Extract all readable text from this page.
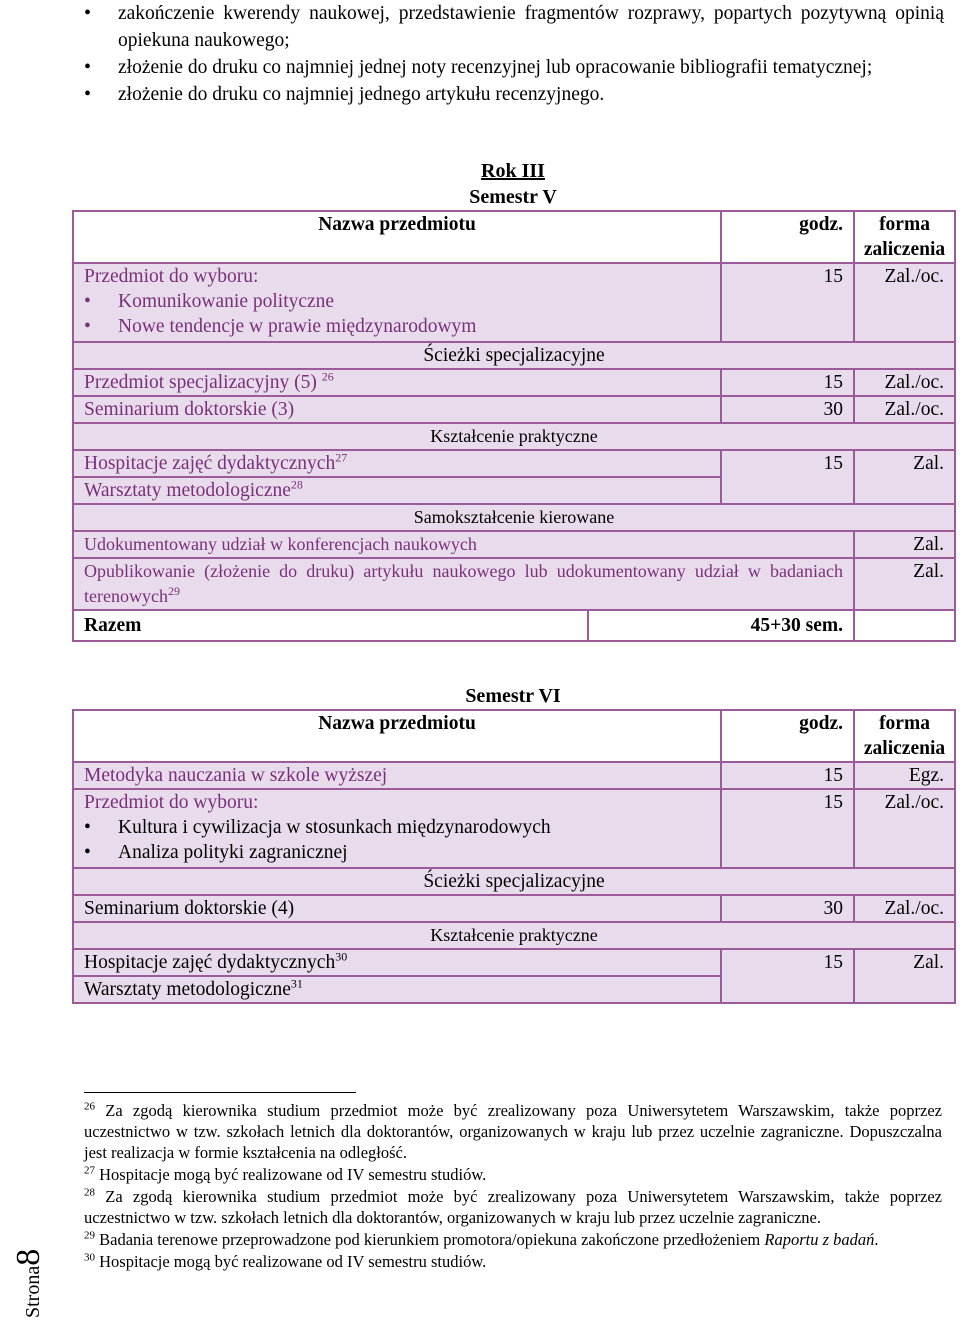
• zakończenie kwerendy naukowej, przedstawienie fragmentów rozprawy, popartych pozytywną opinią opiekuna naukowego;
• złożenie do druku co najmniej jednej noty recenzyjnej lub opracowanie bibliografii tematycznej;
• złożenie do druku co najmniej jednego artykułu recenzyjnego.
Rok III
Semestr V
Nazwa przedmiotu		godz.	forma zaliczenia

Przedmiot do wyboru:
• Komunikowanie polityczne
• Nowe tendencje w prawie międzynarodowym		15	Zal./oc.
Ścieżki specjalizacyjne			
Przedmiot specjalizacyjny (5) $^{26}$		15	Zal./oc.
Seminarium doktorskie (3)		30	Zal./oc.
Kształcenie praktyczne			
Hospitacje zajęć dydaktycznych$^{27}$		15	Zal.
Warsztaty metodologiczne$^{28}$
Samokształcenie kierowane			
Udokumentowany udział w konferencjach naukowych			Zal.
Opublikowanie (złożenie do druku) artykułu naukowego lub udokumentowany udział w badaniach terenowych$^{29}$			Zal.
Razem	45+30 sem.		
Semestr VI
Nazwa przedmiotu	godz.	forma zaliczenia
Metodyka nauczania w szkole wyższej	15	Egz.

Przedmiot do wyboru:
• Kultura i cywilizacja w stosunkach międzynarodowych
• Analiza polityki zagranicznej	15	Zal./oc.
Ścieżki specjalizacyjne		
Seminarium doktorskie (4)	30	Zal./oc.
Kształcenie praktyczne		
Hospitacje zajęć dydaktycznych$^{30}$	15	Zal.
Warsztaty metodologiczne$^{31}$

$^{26}$ Za zgodą kierownika studium przedmiot może być zrealizowany poza Uniwersytetem Warszawskim, także poprzez uczestnictwo w tzw. szkołach letnich dla doktorantów, organizowanych w kraju lub przez uczelnie zagraniczne. Dopuszczalna jest realizacja w formie kształcenia na odległość.

$^{27}$ Hospitacje mogą być realizowane od IV semestru studiów.

$^{28}$ Za zgodą kierownika studium przedmiot może być zrealizowany poza Uniwersytetem Warszawskim, także poprzez uczestnictwo w tzw. szkołach letnich dla doktorantów, organizowanych w kraju lub przez uczelnie zagraniczne.

$^{29}$ Badania terenowe przeprowadzone pod kierunkiem promotora/opiekuna zakończone przedłożeniem Raportu z badań.

$^{30}$ Hospitacje mogą być realizowane od IV semestru studiów.

Strona8
